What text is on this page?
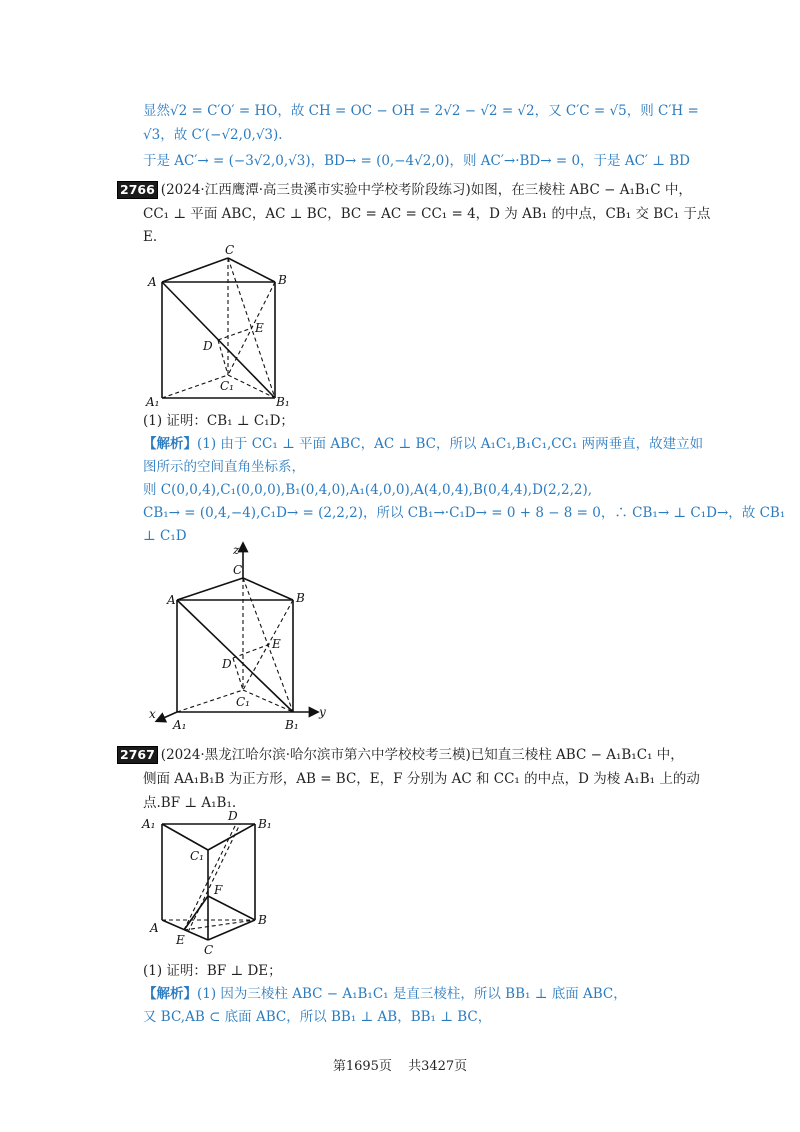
显然√2 = C′O′ = HO，故 CH = OC − OH = 2√2 − √2 = √2，又 C′C = √5，则 C′H =
√3，故 C′(−√2,0,√3).
于是 AC′→ = (−3√2,0,√3)，BD→ = (0,−4√2,0)，则 AC′→·BD→ = 0，于是 AC′ ⊥ BD
2766 (2024·江西鹰潭·高三贵溪市实验中学校考阶段练习)如图，在三棱柱 ABC − A₁B₁C 中，
CC₁ ⊥ 平面 ABC，AC ⊥ BC，BC = AC = CC₁ = 4，D 为 AB₁ 的中点，CB₁ 交 BC₁ 于点
E.
C
A	B
E
D
C₁
A₁	B₁
(1) 证明：CB₁ ⊥ C₁D；
【解析】(1) 由于 CC₁ ⊥ 平面 ABC，AC ⊥ BC，所以 A₁C₁,B₁C₁,CC₁ 两两垂直，故建立如
图所示的空间直角坐标系，
则 C(0,0,4),C₁(0,0,0),B₁(0,4,0),A₁(4,0,0),A(4,0,4),B(0,4,4),D(2,2,2),
CB₁→ = (0,4,−4),C₁D→ = (2,2,2)，所以 CB₁→·C₁D→ = 0 + 8 − 8 = 0，∴ CB₁→ ⊥ C₁D→，故 CB₁
⊥ C₁D
z
C
A	B
E
D
C₁
x
A₁	B₁
y
2767 (2024·黑龙江哈尔滨·哈尔滨市第六中学校校考三模)已知直三棱柱 ABC − A₁B₁C₁ 中，
侧面 AA₁B₁B 为正方形，AB = BC，E，F 分别为 AC 和 CC₁ 的中点，D 为棱 A₁B₁ 上的动
点.BF ⊥ A₁B₁.
A₁
D
B₁
C₁
F
A
E
B
C
(1) 证明：BF ⊥ DE；
【解析】(1) 因为三棱柱 ABC − A₁B₁C₁ 是直三棱柱，所以 BB₁ ⊥ 底面 ABC，
又 BC,AB ⊂ 底面 ABC，所以 BB₁ ⊥ AB，BB₁ ⊥ BC，
第1695页 共3427页
